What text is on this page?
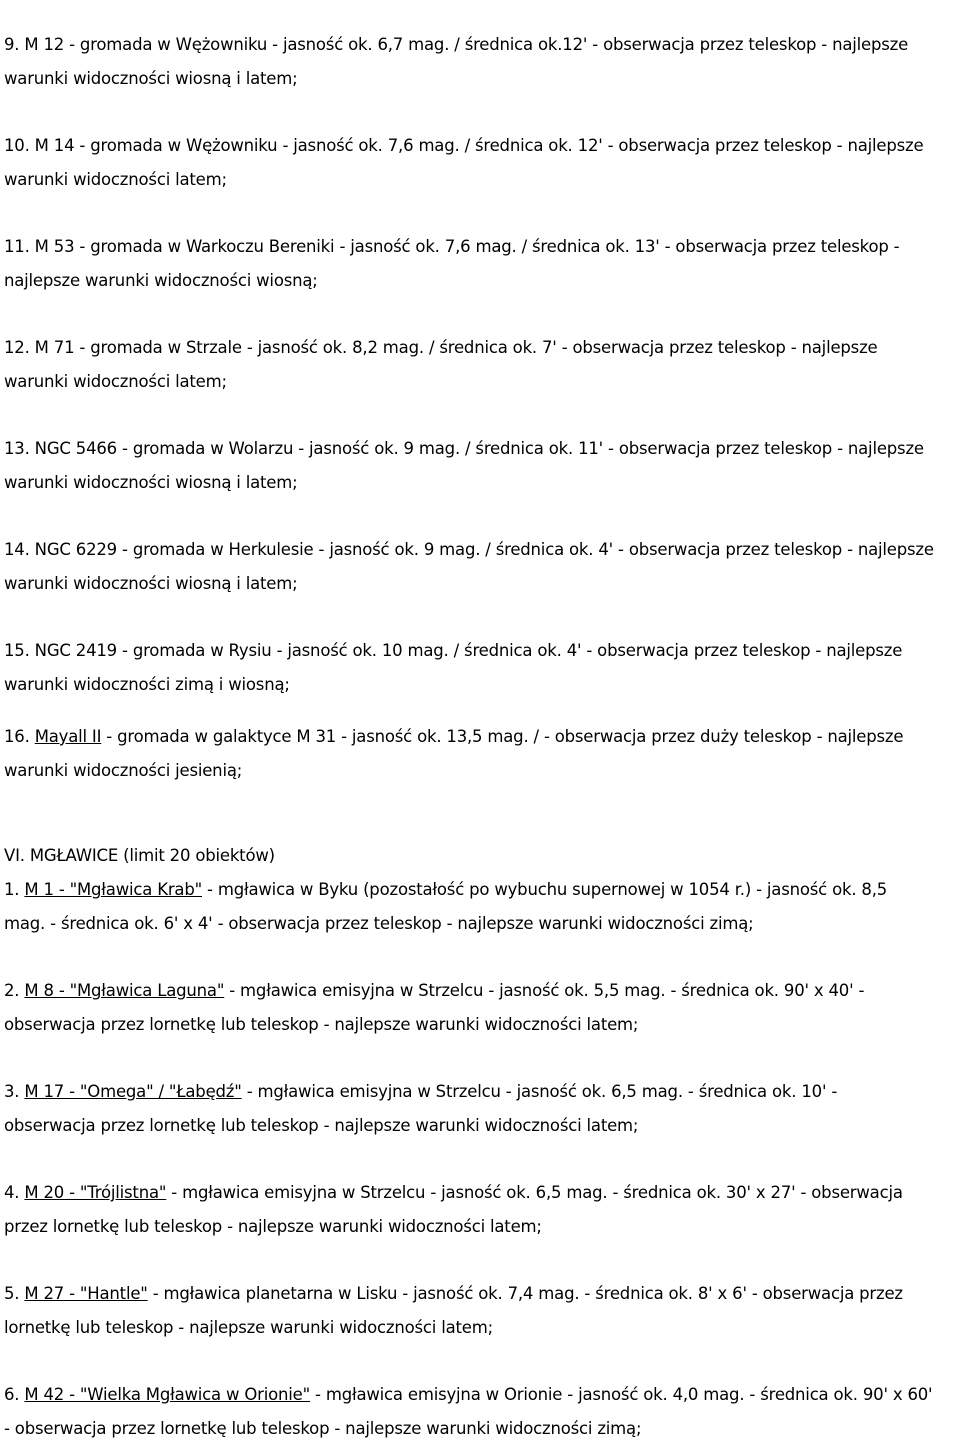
9. M 12 - gromada w Wężowniku - jasność ok. 6,7 mag. / średnica ok.12' - obserwacja przez teleskop - najlepsze
warunki widoczności wiosną i latem;
10. M 14 - gromada w Wężowniku - jasność ok. 7,6 mag. / średnica ok. 12' - obserwacja przez teleskop - najlepsze
warunki widoczności latem;
11. M 53 - gromada w Warkoczu Bereniki - jasność ok. 7,6 mag. / średnica ok. 13' - obserwacja przez teleskop -
najlepsze warunki widoczności wiosną;
12. M 71 - gromada w Strzale - jasność ok. 8,2 mag. / średnica ok. 7' - obserwacja przez teleskop - najlepsze
warunki widoczności latem;
13. NGC 5466 - gromada w Wolarzu - jasność ok. 9 mag. / średnica ok. 11' - obserwacja przez teleskop - najlepsze
warunki widoczności wiosną i latem;
14. NGC 6229 - gromada w Herkulesie - jasność ok. 9 mag. / średnica ok. 4' - obserwacja przez teleskop - najlepsze
warunki widoczności wiosną i latem;
15. NGC 2419 - gromada w Rysiu - jasność ok. 10 mag. / średnica ok. 4' - obserwacja przez teleskop - najlepsze
warunki widoczności zimą i wiosną;
16. Mayall II - gromada w galaktyce M 31 - jasność ok. 13,5 mag. / - obserwacja przez duży teleskop - najlepsze
warunki widoczności jesienią;
VI. MGŁAWICE (limit 20 obiektów)
1. M 1 - "Mgławica Krab" - mgławica w Byku (pozostałość po wybuchu supernowej w 1054 r.) - jasność ok. 8,5
mag. - średnica ok. 6' x 4' - obserwacja przez teleskop - najlepsze warunki widoczności zimą;
2. M 8 - "Mgławica Laguna" - mgławica emisyjna w Strzelcu - jasność ok. 5,5 mag. - średnica ok. 90' x 40' -
obserwacja przez lornetkę lub teleskop - najlepsze warunki widoczności latem;
3. M 17 - "Omega" / "Łabędź" - mgławica emisyjna w Strzelcu - jasność ok. 6,5 mag. - średnica ok. 10' -
obserwacja przez lornetkę lub teleskop - najlepsze warunki widoczności latem;
4. M 20 - "Trójlistna" - mgławica emisyjna w Strzelcu - jasność ok. 6,5 mag. - średnica ok. 30' x 27' - obserwacja
przez lornetkę lub teleskop - najlepsze warunki widoczności latem;
5. M 27 - "Hantle" - mgławica planetarna w Lisku - jasność ok. 7,4 mag. - średnica ok. 8' x 6' - obserwacja przez
lornetkę lub teleskop - najlepsze warunki widoczności latem;
6. M 42 - "Wielka Mgławica w Orionie" - mgławica emisyjna w Orionie - jasność ok. 4,0 mag. - średnica ok. 90' x 60'
- obserwacja przez lornetkę lub teleskop - najlepsze warunki widoczności zimą;
